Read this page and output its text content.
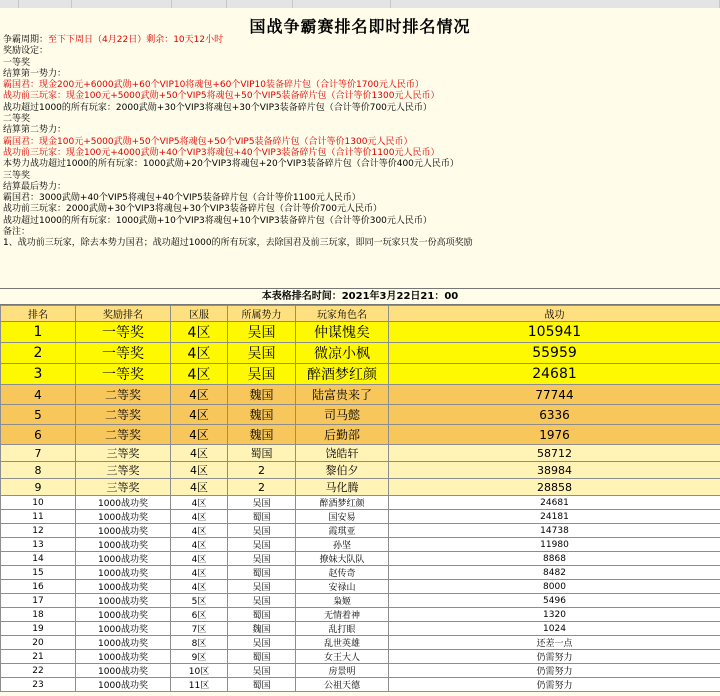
国战争霸赛排名即时排名情况
争霸周期：至下下周日（4月22日）剩余：10天12小时
奖励设定：
一等奖
结算第一势力：
霸国君：现金200元+6000武勋+60个VIP10将魂包+60个VIP10装备碎片包（合计等价1700元人民币）
战功前三玩家：现金100元+5000武勋+50个VIP5将魂包+50个VIP5装备碎片包（合计等价1300元人民币）
战功超过1000的所有玩家：2000武勋+30个VIP3将魂包+30个VIP3装备碎片包（合计等价700元人民币）
二等奖
结算第二势力：
霸国君：现金100元+5000武勋+50个VIP5将魂包+50个VIP5装备碎片包（合计等价1300元人民币）
战功前三玩家：现金100元+4000武勋+40个VIP3将魂包+40个VIP3装备碎片包（合计等价1100元人民币）
本势力战功超过1000的所有玩家：1000武勋+20个VIP3将魂包+20个VIP3装备碎片包（合计等价400元人民币）
三等奖
结算最后势力：
霸国君：3000武勋+40个VIP5将魂包+40个VIP5装备碎片包（合计等价1100元人民币）
战功前三玩家：2000武勋+30个VIP3将魂包+30个VIP3装备碎片包（合计等价700元人民币）
战功超过1000的所有玩家：1000武勋+10个VIP3将魂包+10个VIP3装备碎片包（合计等价300元人民币）
备注：
1、战功前三玩家，除去本势力国君；战功超过1000的所有玩家，去除国君及前三玩家，即同一玩家只发一份高项奖励
本表格排名时间：2021年3月22日21：00
排名	奖励排名	区服	所属势力	玩家角色名	战功
1	一等奖	4区	吴国	仲谋愧矣	105941
2	一等奖	4区	吴国	微凉小枫	55959
3	一等奖	4区	吴国	醉酒梦红颜	24681
4	二等奖	4区	魏国	陆富贵来了	77744
5	二等奖	4区	魏国	司马懿	6336
6	二等奖	4区	魏国	后勤部	1976
7	三等奖	4区	蜀国	饶皓轩	58712
8	三等奖	4区	2	黎伯夕	38984
9	三等奖	4区	2	马化腾	28858
10	1000战功奖	4区	吴国	醉酒梦红颜	24681
11	1000战功奖	4区	蜀国	国安易	24181
12	1000战功奖	4区	吴国	霞琪亚	14738
13	1000战功奖	4区	吴国	孙坚	11980
14	1000战功奖	4区	吴国	撩妹大队队	8868
15	1000战功奖	4区	蜀国	赵传奇	8482
16	1000战功奖	4区	吴国	安禄山	8000
17	1000战功奖	5区	吴国	枭姬	5496
18	1000战功奖	6区	蜀国	无情着神	1320
19	1000战功奖	7区	魏国	乱打眼	1024
20	1000战功奖	8区	吴国	乱世英雄	还差一点
21	1000战功奖	9区	蜀国	女王大人	仍需努力
22	1000战功奖	10区	吴国	房景明	仍需努力
23	1000战功奖	11区	蜀国	公祖天德	仍需努力
